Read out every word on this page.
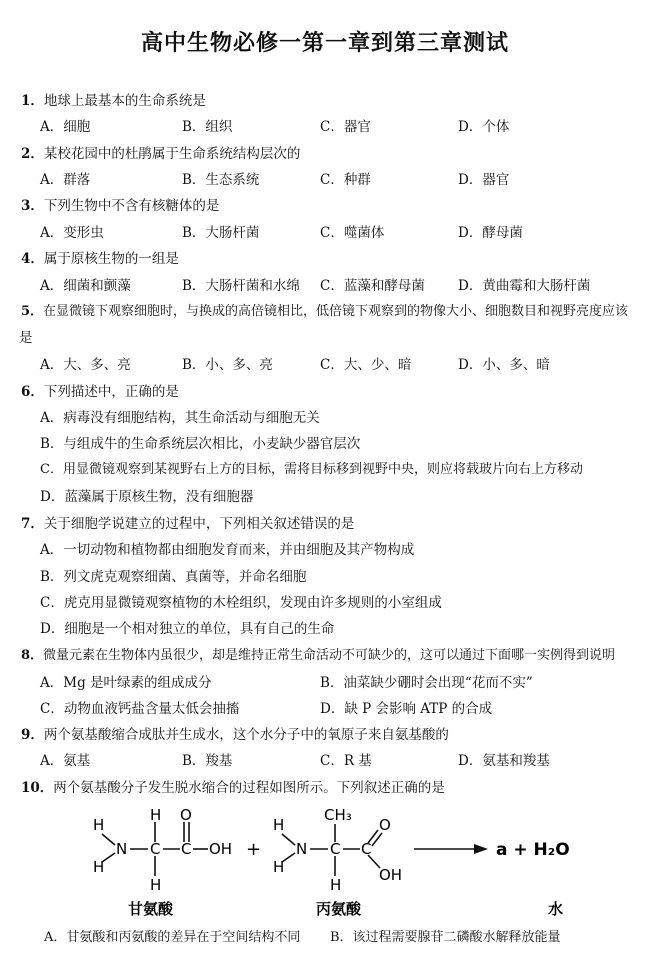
高中生物必修一第一章到第三章测试
1．地球上最基本的生命系统是
A．细胞	B．组织	C．器官	D．个体
2．某校花园中的杜鹃属于生命系统结构层次的
A．群落	B．生态系统	C．种群	D．器官
3．下列生物中不含有核糖体的是
A．变形虫	B．大肠杆菌	C．噬菌体	D．酵母菌
4．属于原核生物的一组是
A．细菌和颤藻	B．大肠杆菌和水绵 C．蓝藻和酵母菌 D．黄曲霉和大肠杆菌
5．在显微镜下观察细胞时，与换成的高倍镜相比，低倍镜下观察到的物像大小、细胞数目和视野亮度应该
是
A．大、多、亮	B．小、多、亮	C．大、少、暗	D．小、多、暗
6．下列描述中，正确的是
A．病毒没有细胞结构，其生命活动与细胞无关
B．与组成牛的生命系统层次相比，小麦缺少器官层次
C．用显微镜观察到某视野右上方的目标，需将目标移到视野中央，则应将载玻片向右上方移动
D．蓝藻属于原核生物，没有细胞器
7．关于细胞学说建立的过程中，下列相关叙述错误的是
A．一切动物和植物都由细胞发育而来，并由细胞及其产物构成
B．列文虎克观察细菌、真菌等，并命名细胞
C．虎克用显微镜观察植物的木栓组织，发现由许多规则的小室组成
D．细胞是一个相对独立的单位，具有自己的生命
8．微量元素在生物体内虽很少，却是维持正常生命活动不可缺少的，这可以通过下面哪一实例得到说明
A．Mg 是叶绿素的组成成分	B．油菜缺少硼时会出现“花而不实”
C．动物血液钙盐含量太低会抽搐	D．缺 P 会影响 ATP 的合成
9．两个氨基酸缩合成肽并生成水，这个水分子中的氧原子来自氨基酸的
A．氨基	B．羧基	C．R 基	D．氨基和羧基
10．两个氨基酸分子发生脱水缩合的过程如图所示。下列叙述正确的是
H
N
H
H
C
H
O
C OH +
H
N
H
CH₃
C
H
C
O
OH
a + H₂O
甘氨酸	丙氨酸	水
A．甘氨酸和丙氨酸的差异在于空间结构不同 B．该过程需要腺苷二磷酸水解释放能量
